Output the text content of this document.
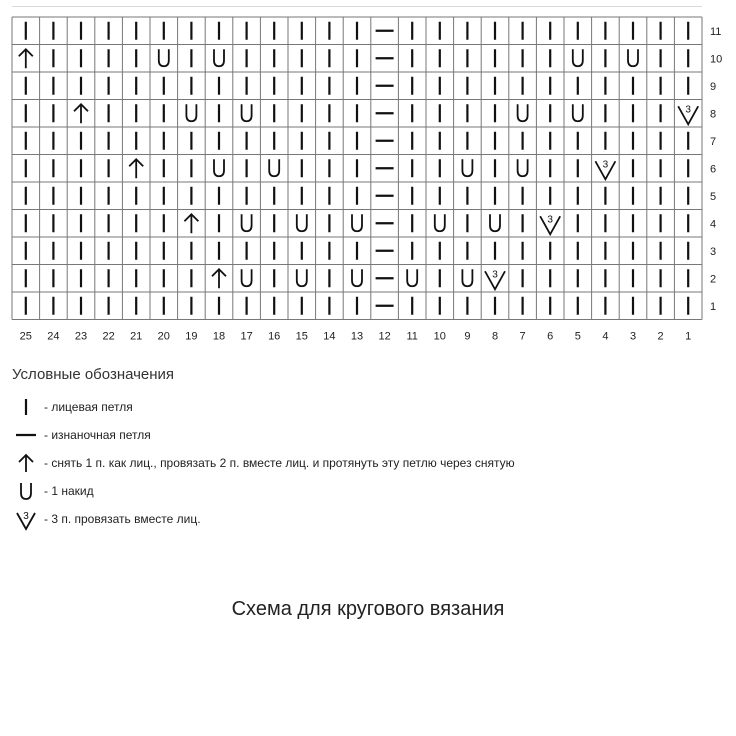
3
3
3
3
1
2
3
4
5
6
7
8
9
10
11
25 24 23 22 21 20 19 18 17 16 15 14 13 12 11 10 9 8 7 6 5 4 3 2 1
Условные обозначения
- лицевая петля
- изнаночная петля
- снять 1 п. как лиц., провязать 2 п. вместе лиц. и протянуть эту петлю через снятую
- 1 накид
3 - 3 п. провязать вместе лиц.
Схема для кругового вязания
